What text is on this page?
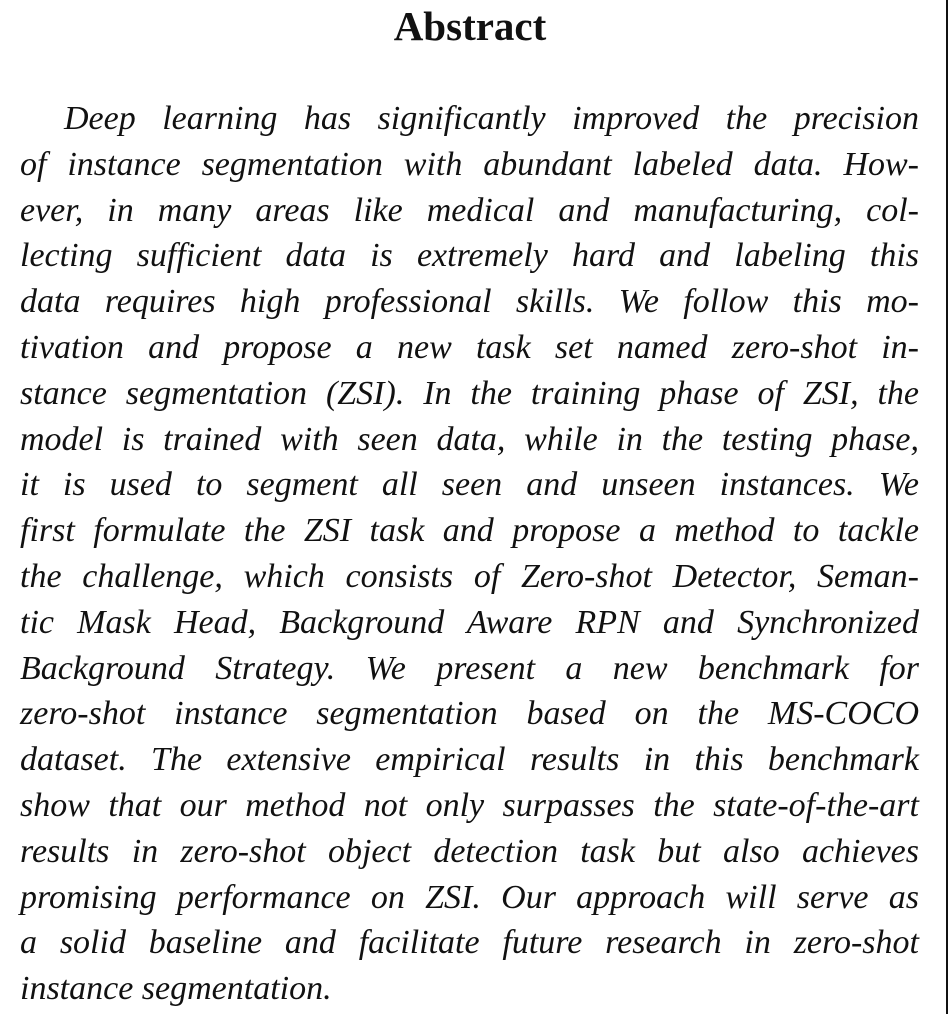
Abstract
Deep learning has significantly improved the precision
of instance segmentation with abundant labeled data. How-
ever, in many areas like medical and manufacturing, col-
lecting sufficient data is extremely hard and labeling this
data requires high professional skills. We follow this mo-
tivation and propose a new task set named zero-shot in-
stance segmentation (ZSI). In the training phase of ZSI, the
model is trained with seen data, while in the testing phase,
it is used to segment all seen and unseen instances. We
first formulate the ZSI task and propose a method to tackle
the challenge, which consists of Zero-shot Detector, Seman-
tic Mask Head, Background Aware RPN and Synchronized
Background Strategy. We present a new benchmark for
zero-shot instance segmentation based on the MS-COCO
dataset. The extensive empirical results in this benchmark
show that our method not only surpasses the state-of-the-art
results in zero-shot object detection task but also achieves
promising performance on ZSI. Our approach will serve as
a solid baseline and facilitate future research in zero-shot
instance segmentation.
